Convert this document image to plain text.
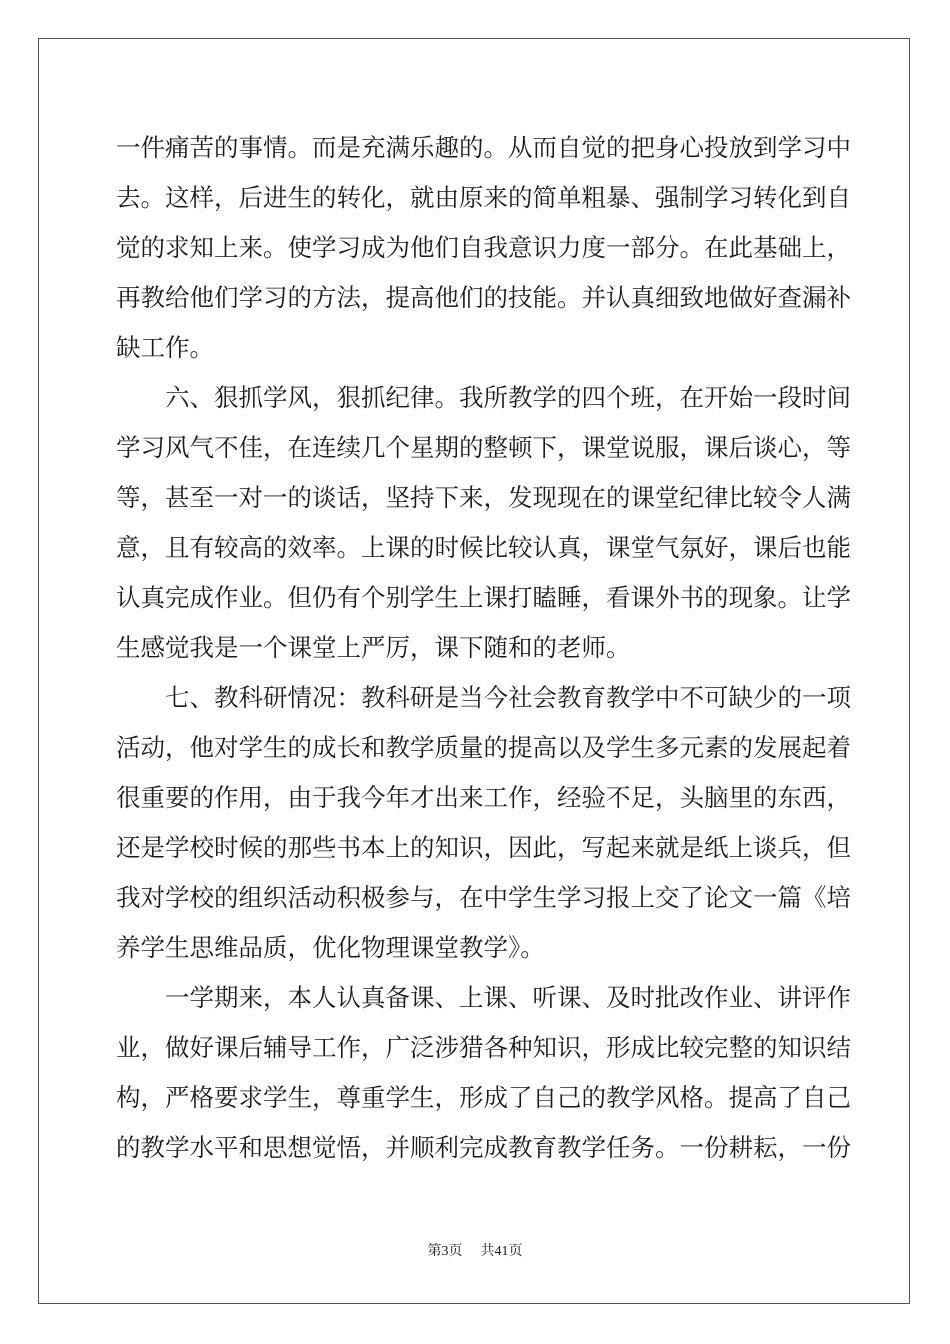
一件痛苦的事情。而是充满乐趣的。从而自觉的把身心投放到学习中
去。这样，后进生的转化，就由原来的简单粗暴、强制学习转化到自
觉的求知上来。使学习成为他们自我意识力度一部分。在此基础上，
再教给他们学习的方法，提高他们的技能。并认真细致地做好查漏补
缺工作。
六、狠抓学风，狠抓纪律。我所教学的四个班，在开始一段时间
学习风气不佳，在连续几个星期的整顿下，课堂说服，课后谈心，等
等，甚至一对一的谈话，坚持下来，发现现在的课堂纪律比较令人满
意，且有较高的效率。上课的时候比较认真，课堂气氛好，课后也能
认真完成作业。但仍有个别学生上课打瞌睡，看课外书的现象。让学
生感觉我是一个课堂上严厉，课下随和的老师。
七、教科研情况：教科研是当今社会教育教学中不可缺少的一项
活动，他对学生的成长和教学质量的提高以及学生多元素的发展起着
很重要的作用，由于我今年才出来工作，经验不足，头脑里的东西，
还是学校时候的那些书本上的知识，因此，写起来就是纸上谈兵，但
我对学校的组织活动积极参与，在中学生学习报上交了论文一篇《培
养学生思维品质，优化物理课堂教学》。
一学期来，本人认真备课、上课、听课、及时批改作业、讲评作
业，做好课后辅导工作，广泛涉猎各种知识，形成比较完整的知识结
构，严格要求学生，尊重学生，形成了自己的教学风格。提高了自己
的教学水平和思想觉悟，并顺利完成教育教学任务。一份耕耘，一份
第3页 共41页
